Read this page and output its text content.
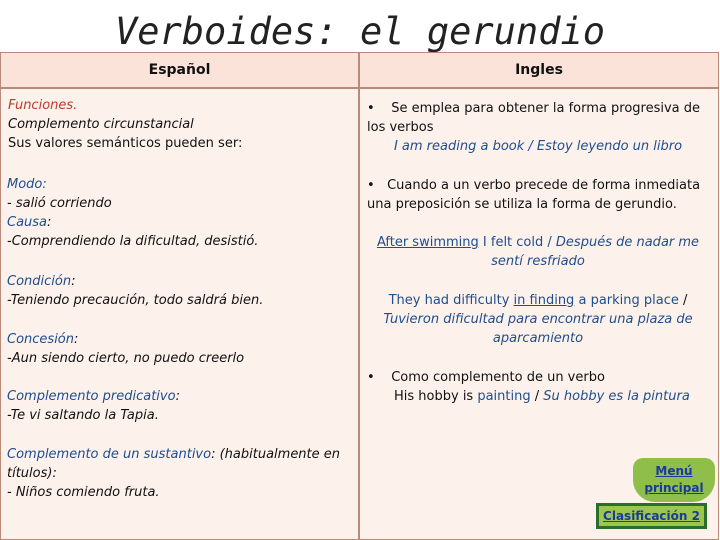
Verboides: el gerundio
Español	Ingles
Funciones.
Complemento circunstancial
Sus valores semánticos pueden ser:
Modo:
- salió corriendo
Causa:
-Comprendiendo la dificultad, desistió.
Condición:
-Teniendo precaución, todo saldrá bien.
Concesión:
-Aun siendo cierto, no puedo creerlo
Complemento predicativo:
-Te vi saltando la Tapia.
Complemento de un sustantivo: (habitualmente en
títulos):
- Niños comiendo fruta.
• Se emplea para obtener la forma progresiva de
los verbos
I am reading a book / Estoy leyendo un libro
• Cuando a un verbo precede de forma inmediata
una preposición se utiliza la forma de gerundio.
After swimming I felt cold / Después de nadar me
sentí resfriado
They had difficulty in finding a parking place /
Tuvieron dificultad para encontrar una plaza de
aparcamiento
• Como complemento de un verbo
His hobby is painting / Su hobby es la pintura
Menú
principal
Clasificación 2
